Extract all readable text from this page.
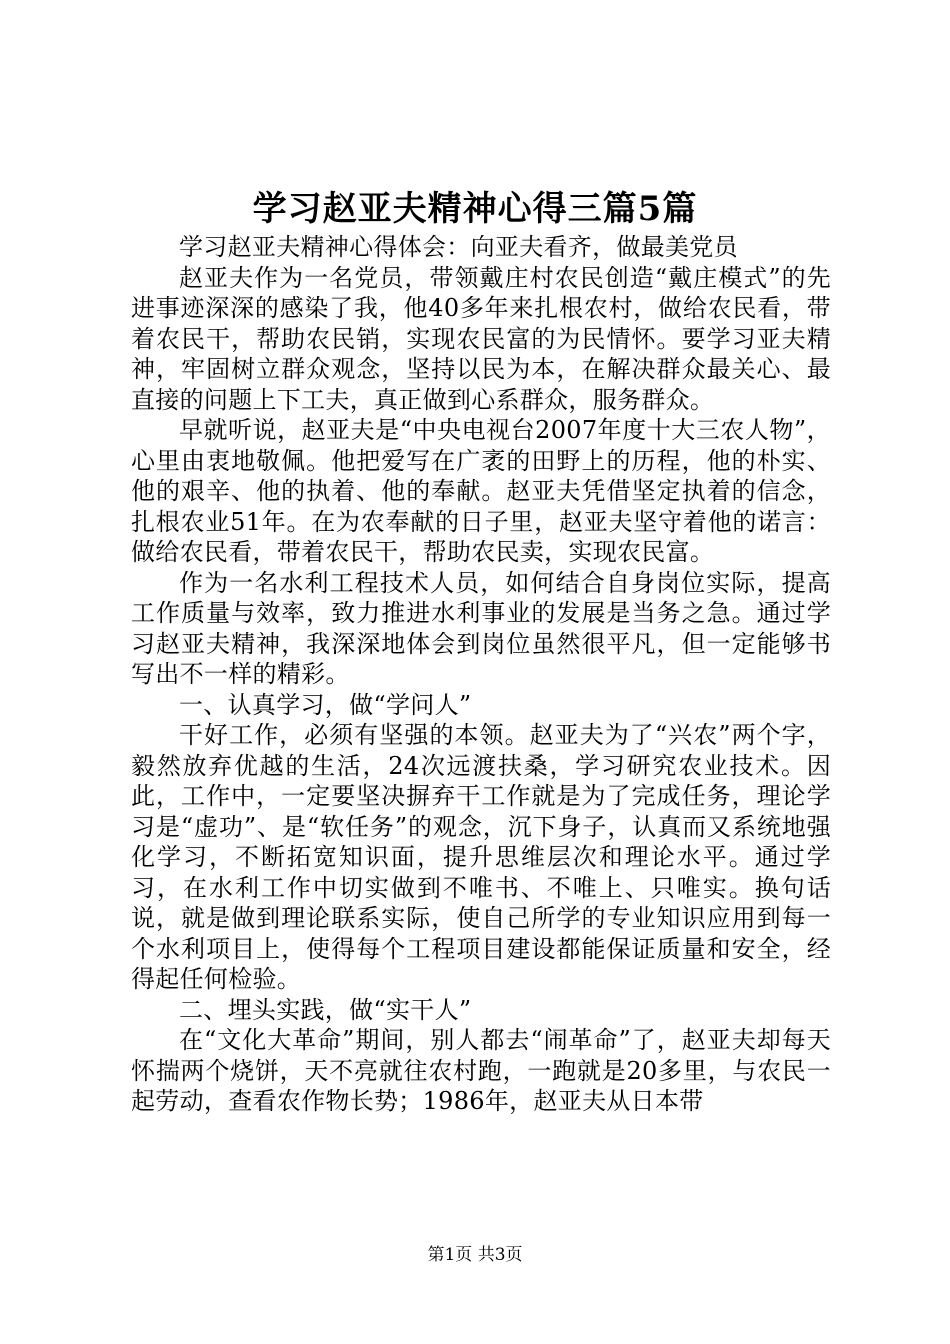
学习赵亚夫精神心得三篇5篇

学习赵亚夫精神心得体会：向亚夫看齐，做最美党员

赵亚夫作为一名党员，带领戴庄村农民创造“戴庄模式”的先进事迹深深的感染了我，他40多年来扎根农村，做给农民看，带着农民干，帮助农民销，实现农民富的为民情怀。要学习亚夫精神，牢固树立群众观念，坚持以民为本，在解决群众最关心、最直接的问题上下工夫，真正做到心系群众，服务群众。

早就听说，赵亚夫是“中央电视台2007年度十大三农人物”，心里由衷地敬佩。他把爱写在广袤的田野上的历程，他的朴实、他的艰辛、他的执着、他的奉献。赵亚夫凭借坚定执着的信念，扎根农业51年。在为农奉献的日子里，赵亚夫坚守着他的诺言：做给农民看，带着农民干，帮助农民卖，实现农民富。

作为一名水利工程技术人员，如何结合自身岗位实际，提高工作质量与效率，致力推进水利事业的发展是当务之急。通过学习赵亚夫精神，我深深地体会到岗位虽然很平凡，但一定能够书写出不一样的精彩。

一、认真学习，做“学问人”

干好工作，必须有坚强的本领。赵亚夫为了“兴农”两个字，毅然放弃优越的生活，24次远渡扶桑，学习研究农业技术。因此，工作中，一定要坚决摒弃干工作就是为了完成任务，理论学习是“虚功”、是“软任务”的观念，沉下身子，认真而又系统地强化学习，不断拓宽知识面，提升思维层次和理论水平。通过学习，在水利工作中切实做到不唯书、不唯上、只唯实。换句话说，就是做到理论联系实际，使自己所学的专业知识应用到每一个水利项目上，使得每个工程项目建设都能保证质量和安全，经得起任何检验。

二、埋头实践，做“实干人”

在“文化大革命”期间，别人都去“闹革命”了，赵亚夫却每天怀揣两个烧饼，天不亮就往农村跑，一跑就是20多里，与农民一起劳动，查看农作物长势；1986年，赵亚夫从日本带

第1页 共3页
